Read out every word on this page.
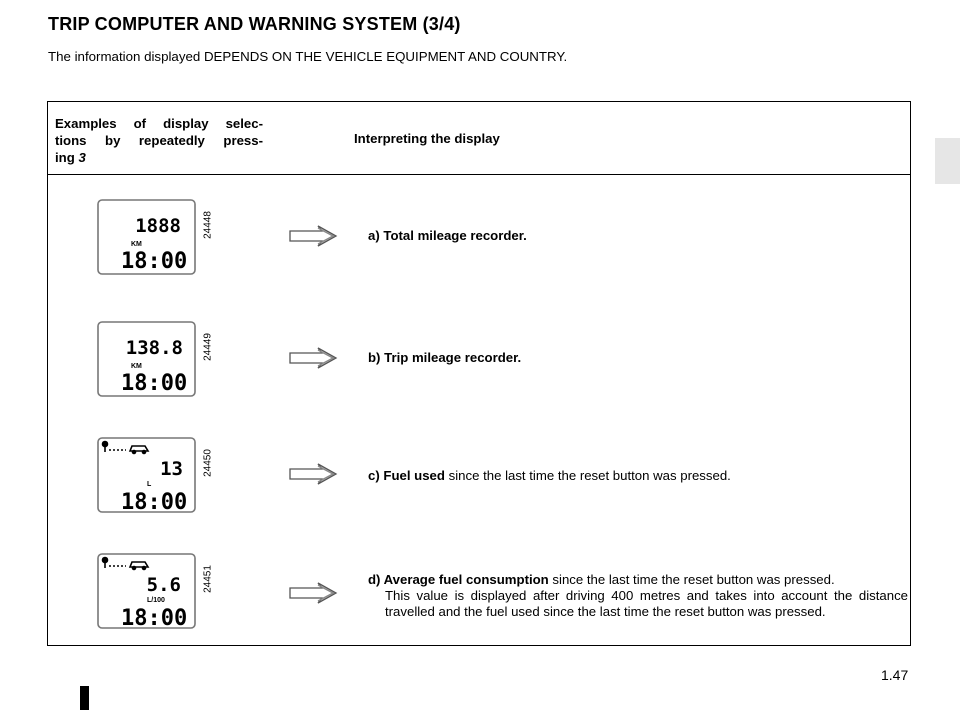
TRIP COMPUTER AND WARNING SYSTEM (3/4)
The information displayed DEPENDS ON THE VEHICLE EQUIPMENT AND COUNTRY.
Examples of display selec-
tions by repeatedly press-

ing 3
Interpreting the display
1888
KM
18:00
24448	a) Total mileage recorder.
138.8
KM
18:00
24449	b) Trip mileage recorder.
13
L
18:00
24450	c) Fuel used since the last time the reset button was pressed.
5.6
L/100
18:00
24451	d) Average fuel consumption since the last time the reset button was pressed.
This value is displayed after driving 400 metres and takes into account the distance travelled and the fuel used since the last time the reset button was pressed.
1.47
